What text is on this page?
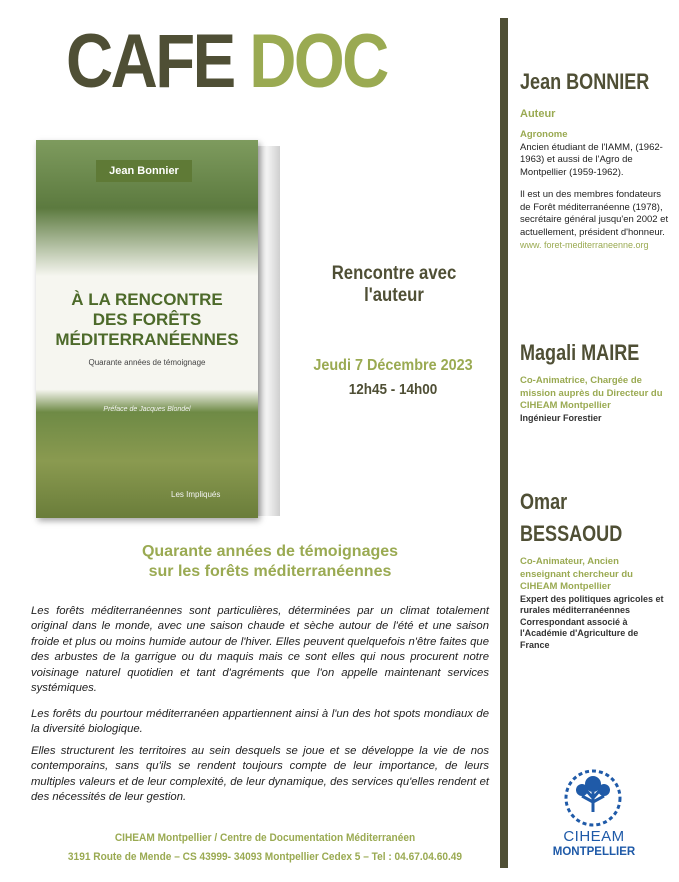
CAFE DOC
Jean Bonnier
À LA RENCONTRE
DES FORÊTS
MÉDITERRANÉENNES
Quarante années de témoignage
Préface de Jacques Blondel
Les Impliqués
Rencontre avec
l'auteur
Jeudi 7 Décembre 2023
12h45 - 14h00
Quarante années de témoignages
sur les forêts méditerranéennes

Les forêts méditerranéennes sont particulières, déterminées par un climat totalement original dans le monde, avec une saison chaude et sèche autour de l'été et une saison froide et plus ou moins humide autour de l'hiver. Elles peuvent quelquefois n'être faites que des arbustes de la garrigue ou du maquis mais ce sont elles qui nous procurent notre voisinage naturel quotidien et tant d'agréments que l'on appelle maintenant services systémiques.

Les forêts du pourtour méditerranéen appartiennent ainsi à l'un des hot spots mondiaux de la diversité biologique.

Elles structurent les territoires au sein desquels se joue et se développe la vie de nos contemporains, sans qu'ils se rendent toujours compte de leur importance, de leurs multiples valeurs et de leur complexité, de leur dynamique, des services qu'elles rendent et des nécessités de leur gestion.

CIHEAM Montpellier / Centre de Documentation Méditerranéen
3191 Route de Mende – CS 43999- 34093 Montpellier Cedex 5 – Tel : 04.67.04.60.49
Jean BONNIER
Auteur
Agronome
Ancien étudiant de l'IAMM, (1962-1963) et aussi de l'Agro de Montpellier (1959-1962).
Il est un des membres fondateurs de Forêt méditerranéenne (1978), secrétaire général jusqu'en 2002 et actuellement, président d'honneur.
www. foret-mediterraneenne.org
Magali MAIRE
Co-Animatrice, Chargée de mission auprès du Directeur du CIHEAM Montpellier
Ingénieur Forestier
Omar
BESSAOUD
Co-Animateur, Ancien enseignant chercheur du CIHEAM Montpellier
Expert des politiques agricoles et rurales méditerranéennes Correspondant associé à l'Académie d'Agriculture de France
CIHEAM
MONTPELLIER
